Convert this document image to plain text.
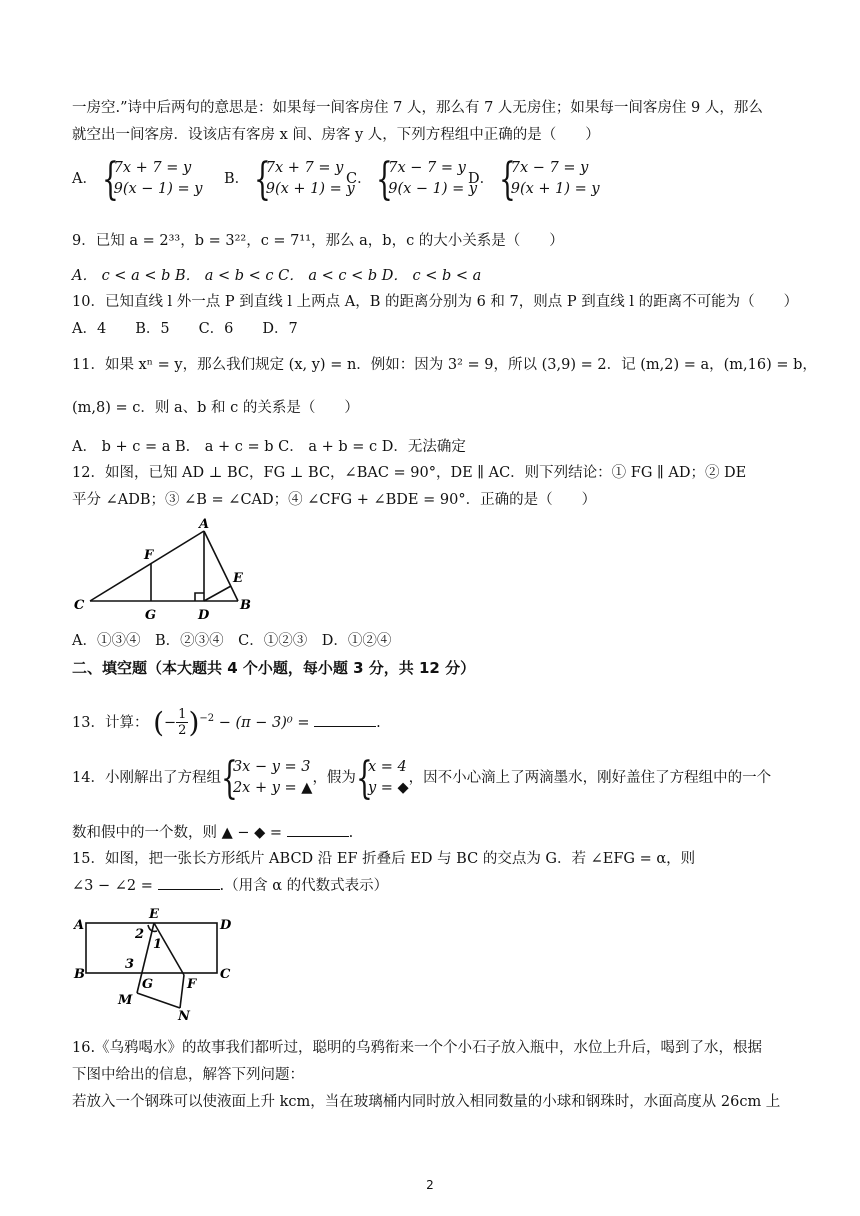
一房空.”诗中后两句的意思是：如果每一间客房住 7 人，那么有 7 人无房住；如果每一间客房住 9 人，那么
就空出一间客房．设该店有客房 x 间、房客 y 人，下列方程组中正确的是（　　）
A． {
7x + 7 = y
9(x − 1) = y
B． {
7x + 7 = y
9(x + 1) = y
C． {
7x − 7 = y
9(x − 1) = y
D． {
7x − 7 = y
9(x + 1) = y
9．已知 a = 2³³，b = 3²²，c = 7¹¹，那么 a，b，c 的大小关系是（　　）
A． c < a < b B． a < b < c C． a < c < b D． c < b < a
10．已知直线 l 外一点 P 到直线 l 上两点 A，B 的距离分别为 6 和 7，则点 P 到直线 l 的距离不可能为（　　）
A．4　　B．5　　C．6　　D．7
11．如果 xⁿ = y，那么我们规定 (x, y) = n．例如：因为 3² = 9，所以 (3,9) = 2．记 (m,2) = a，(m,16) = b，
(m,8) = c．则 a、b 和 c 的关系是（　　）
A． b + c = a B． a + c = b C． a + b = c D．无法确定
12．如图，已知 AD ⊥ BC，FG ⊥ BC，∠BAC = 90°，DE ∥ AC．则下列结论：① FG ∥ AD；② DE
平分 ∠ADB；③ ∠B = ∠CAD；④ ∠CFG + ∠BDE = 90°．正确的是（　　）
A
F
E
C
G	D
B
A．①③④　B．②③④　C．①②③　D．①②④
二、填空题（本大题共 4 个小题，每小题 3 分，共 12 分）
13．计算： (− $\frac{1}{2} )^{-2} - (\pi - 3)^0$ =	.
14．小刚解出了方程组 {
3x − y = 3
2x + y = ▲
，假为 {
x = 4
y = ◆
，因不小心滴上了两滴墨水，刚好盖住了方程组中的一个
数和假中的一个数，则 ▲ − ◆ =	.
15．如图，把一张长方形纸片 ABCD 沿 EF 折叠后 ED 与 BC 的交点为 G．若 ∠EFG = α，则
∠3 − ∠2 =	.（用含 α 的代数式表示）
A
E
D
2
1
B
3
G	F
C
M
N
16.《乌鸦喝水》的故事我们都听过，聪明的乌鸦衔来一个个小石子放入瓶中，水位上升后，喝到了水，根据
下图中给出的信息，解答下列问题：
若放入一个钢珠可以使液面上升 kcm，当在玻璃桶内同时放入相同数量的小球和钢珠时，水面高度从 26cm 上
2
